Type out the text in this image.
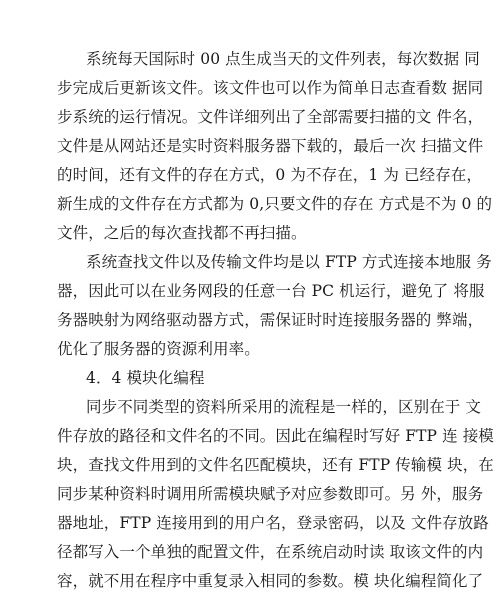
系统每天国际时 00 点生成当天的文件列表，每次数据 同
步完成后更新该文件。该文件也可以作为简单日志查看数 据同
步系统的运行情况。文件详细列出了全部需要扫描的文 件名，
文件是从网站还是实时资料服务器下载的，最后一次 扫描文件
的时间，还有文件的存在方式，0 为不存在，1 为 已经存在，
新生成的文件存在方式都为 0,只要文件的存在 方式是不为 0 的
文件，之后的每次查找都不再扫描。
系统查找文件以及传输文件均是以 FTP 方式连接本地服 务
器，因此可以在业务网段的任意一台 PC 机运行，避免了 将服
务器映射为网络驱动器方式，需保证时时连接服务器的 弊端，
优化了服务器的资源利用率。
4．4 模块化编程
同步不同类型的资料所采用的流程是一样的，区别在于 文
件存放的路径和文件名的不同。因此在编程时写好 FTP 连 接模
块，查找文件用到的文件名匹配模块，还有 FTP 传输模 块，在
同步某种资料时调用所需模块赋予对应参数即可。另 外，服务
器地址，FTP 连接用到的用户名，登录密码，以及 文件存放路
径都写入一个单独的配置文件，在系统启动时读 取该文件的内
容，就不用在程序中重复录入相同的参数。模 块化编程简化了
